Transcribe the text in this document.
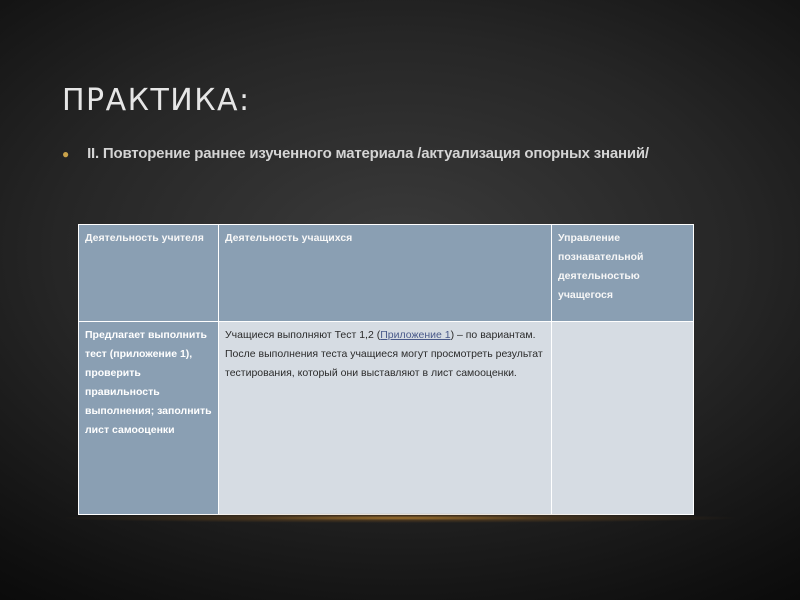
ПРАКТИКА:
● II. Повторение раннее изученного материала /актуализация опорных знаний/
Деятельность учителя	Деятельность учащихся	Управление познавательной деятельностью учащегося
Предлагает выполнить тест (приложение 1), проверить правильность выполнения; заполнить лист самооценки	Учащиеся выполняют Тест 1,2 (Приложение 1) – по вариантам. После выполнения теста учащиеся могут просмотреть результат тестирования, который они выставляют в лист самооценки.	
